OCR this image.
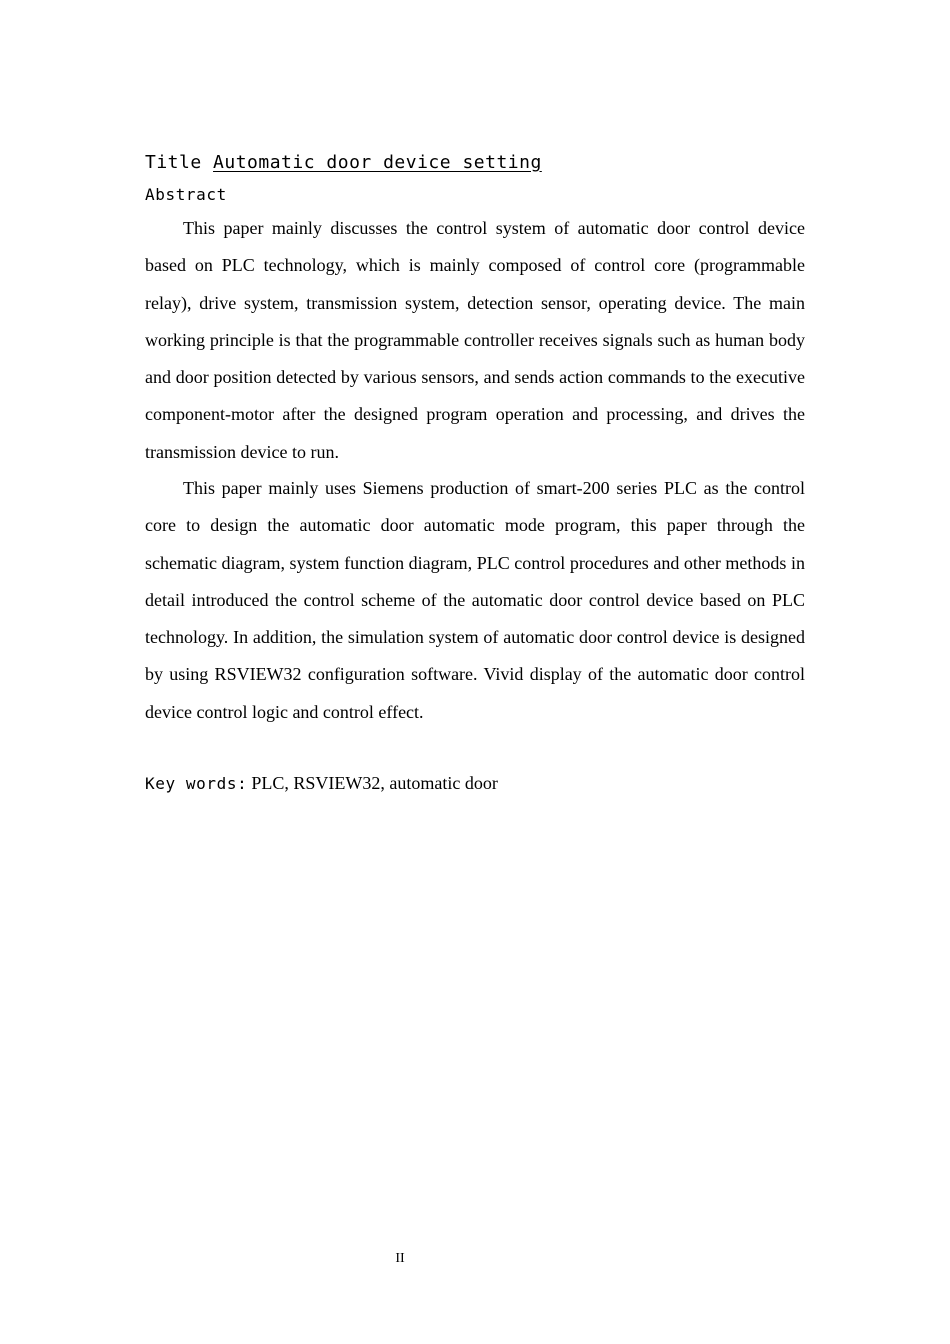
Title Automatic door device setting
Abstract

This paper mainly discusses the control system of automatic door control device based on PLC technology, which is mainly composed of control core (programmable relay), drive system, transmission system, detection sensor, operating device. The main working principle is that the programmable controller receives signals such as human body and door position detected by various sensors, and sends action commands to the executive component-motor after the designed program operation and processing, and drives the transmission device to run.

This paper mainly uses Siemens production of smart-200 series PLC as the control core to design the automatic door automatic mode program, this paper through the schematic diagram, system function diagram, PLC control procedures and other methods in detail introduced the control scheme of the automatic door control device based on PLC technology. In addition, the simulation system of automatic door control device is designed by using RSVIEW32 configuration software. Vivid display of the automatic door control device control logic and control effect.

Key words: PLC, RSVIEW32, automatic door
II
